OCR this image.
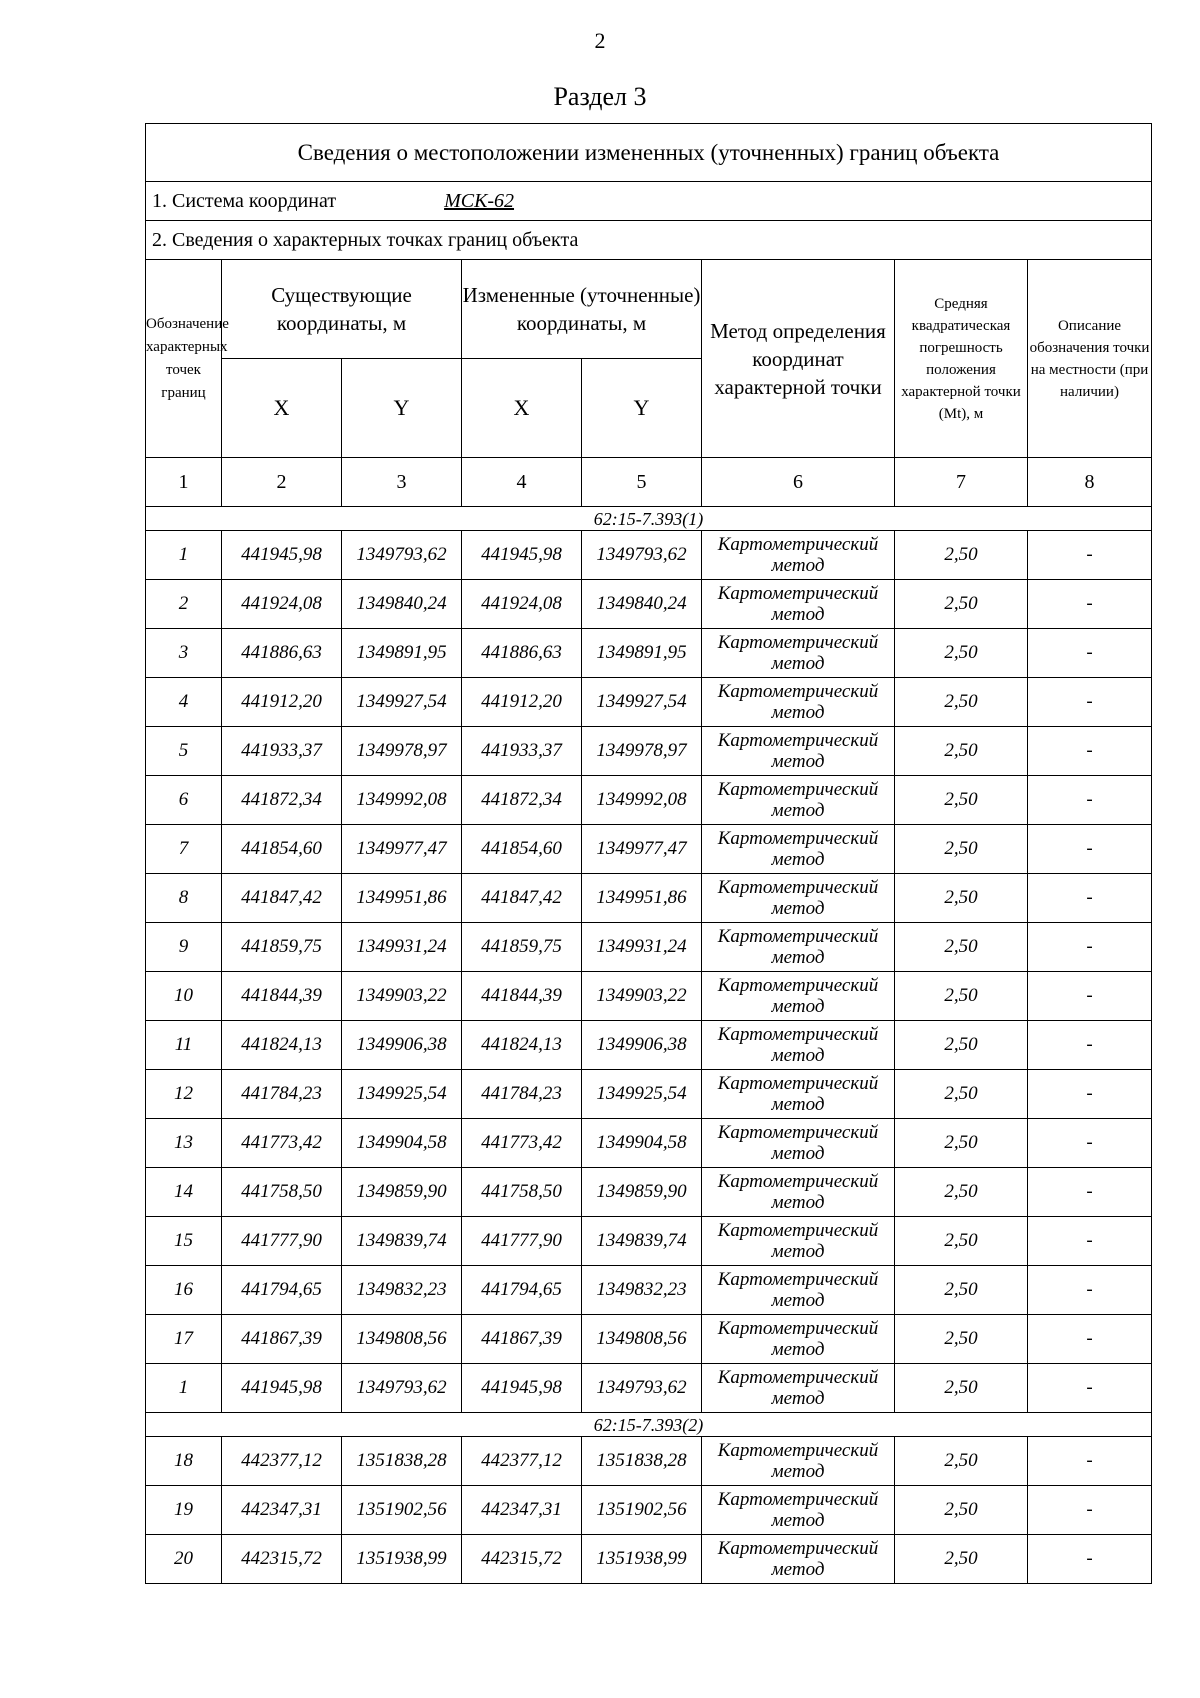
2
Раздел 3
Сведения о местоположении измененных (уточненных) границ объекта							
1. Система координат МСК-62							
2. Сведения о характерных точках границ объекта							
Обозначение характерных точек границ	Существующие координаты, м		Измененные (уточненные) координаты, м		Метод определения координат характерной точки	Средняя квадратическая погрешность положения характерной точки (Mt), м	Описание обозначения точки на местности (при наличии)
	X	Y	X	Y			
1	2	3	4	5	6	7	8
62:15-7.393(1)							
1	441945,98	1349793,62	441945,98	1349793,62	Картометрический метод	2,50	-
2	441924,08	1349840,24	441924,08	1349840,24	Картометрический метод	2,50	-
3	441886,63	1349891,95	441886,63	1349891,95	Картометрический метод	2,50	-
4	441912,20	1349927,54	441912,20	1349927,54	Картометрический метод	2,50	-
5	441933,37	1349978,97	441933,37	1349978,97	Картометрический метод	2,50	-
6	441872,34	1349992,08	441872,34	1349992,08	Картометрический метод	2,50	-
7	441854,60	1349977,47	441854,60	1349977,47	Картометрический метод	2,50	-
8	441847,42	1349951,86	441847,42	1349951,86	Картометрический метод	2,50	-
9	441859,75	1349931,24	441859,75	1349931,24	Картометрический метод	2,50	-
10	441844,39	1349903,22	441844,39	1349903,22	Картометрический метод	2,50	-
11	441824,13	1349906,38	441824,13	1349906,38	Картометрический метод	2,50	-
12	441784,23	1349925,54	441784,23	1349925,54	Картометрический метод	2,50	-
13	441773,42	1349904,58	441773,42	1349904,58	Картометрический метод	2,50	-
14	441758,50	1349859,90	441758,50	1349859,90	Картометрический метод	2,50	-
15	441777,90	1349839,74	441777,90	1349839,74	Картометрический метод	2,50	-
16	441794,65	1349832,23	441794,65	1349832,23	Картометрический метод	2,50	-
17	441867,39	1349808,56	441867,39	1349808,56	Картометрический метод	2,50	-
1	441945,98	1349793,62	441945,98	1349793,62	Картометрический метод	2,50	-
62:15-7.393(2)							
18	442377,12	1351838,28	442377,12	1351838,28	Картометрический метод	2,50	-
19	442347,31	1351902,56	442347,31	1351902,56	Картометрический метод	2,50	-
20	442315,72	1351938,99	442315,72	1351938,99	Картометрический метод	2,50	-
